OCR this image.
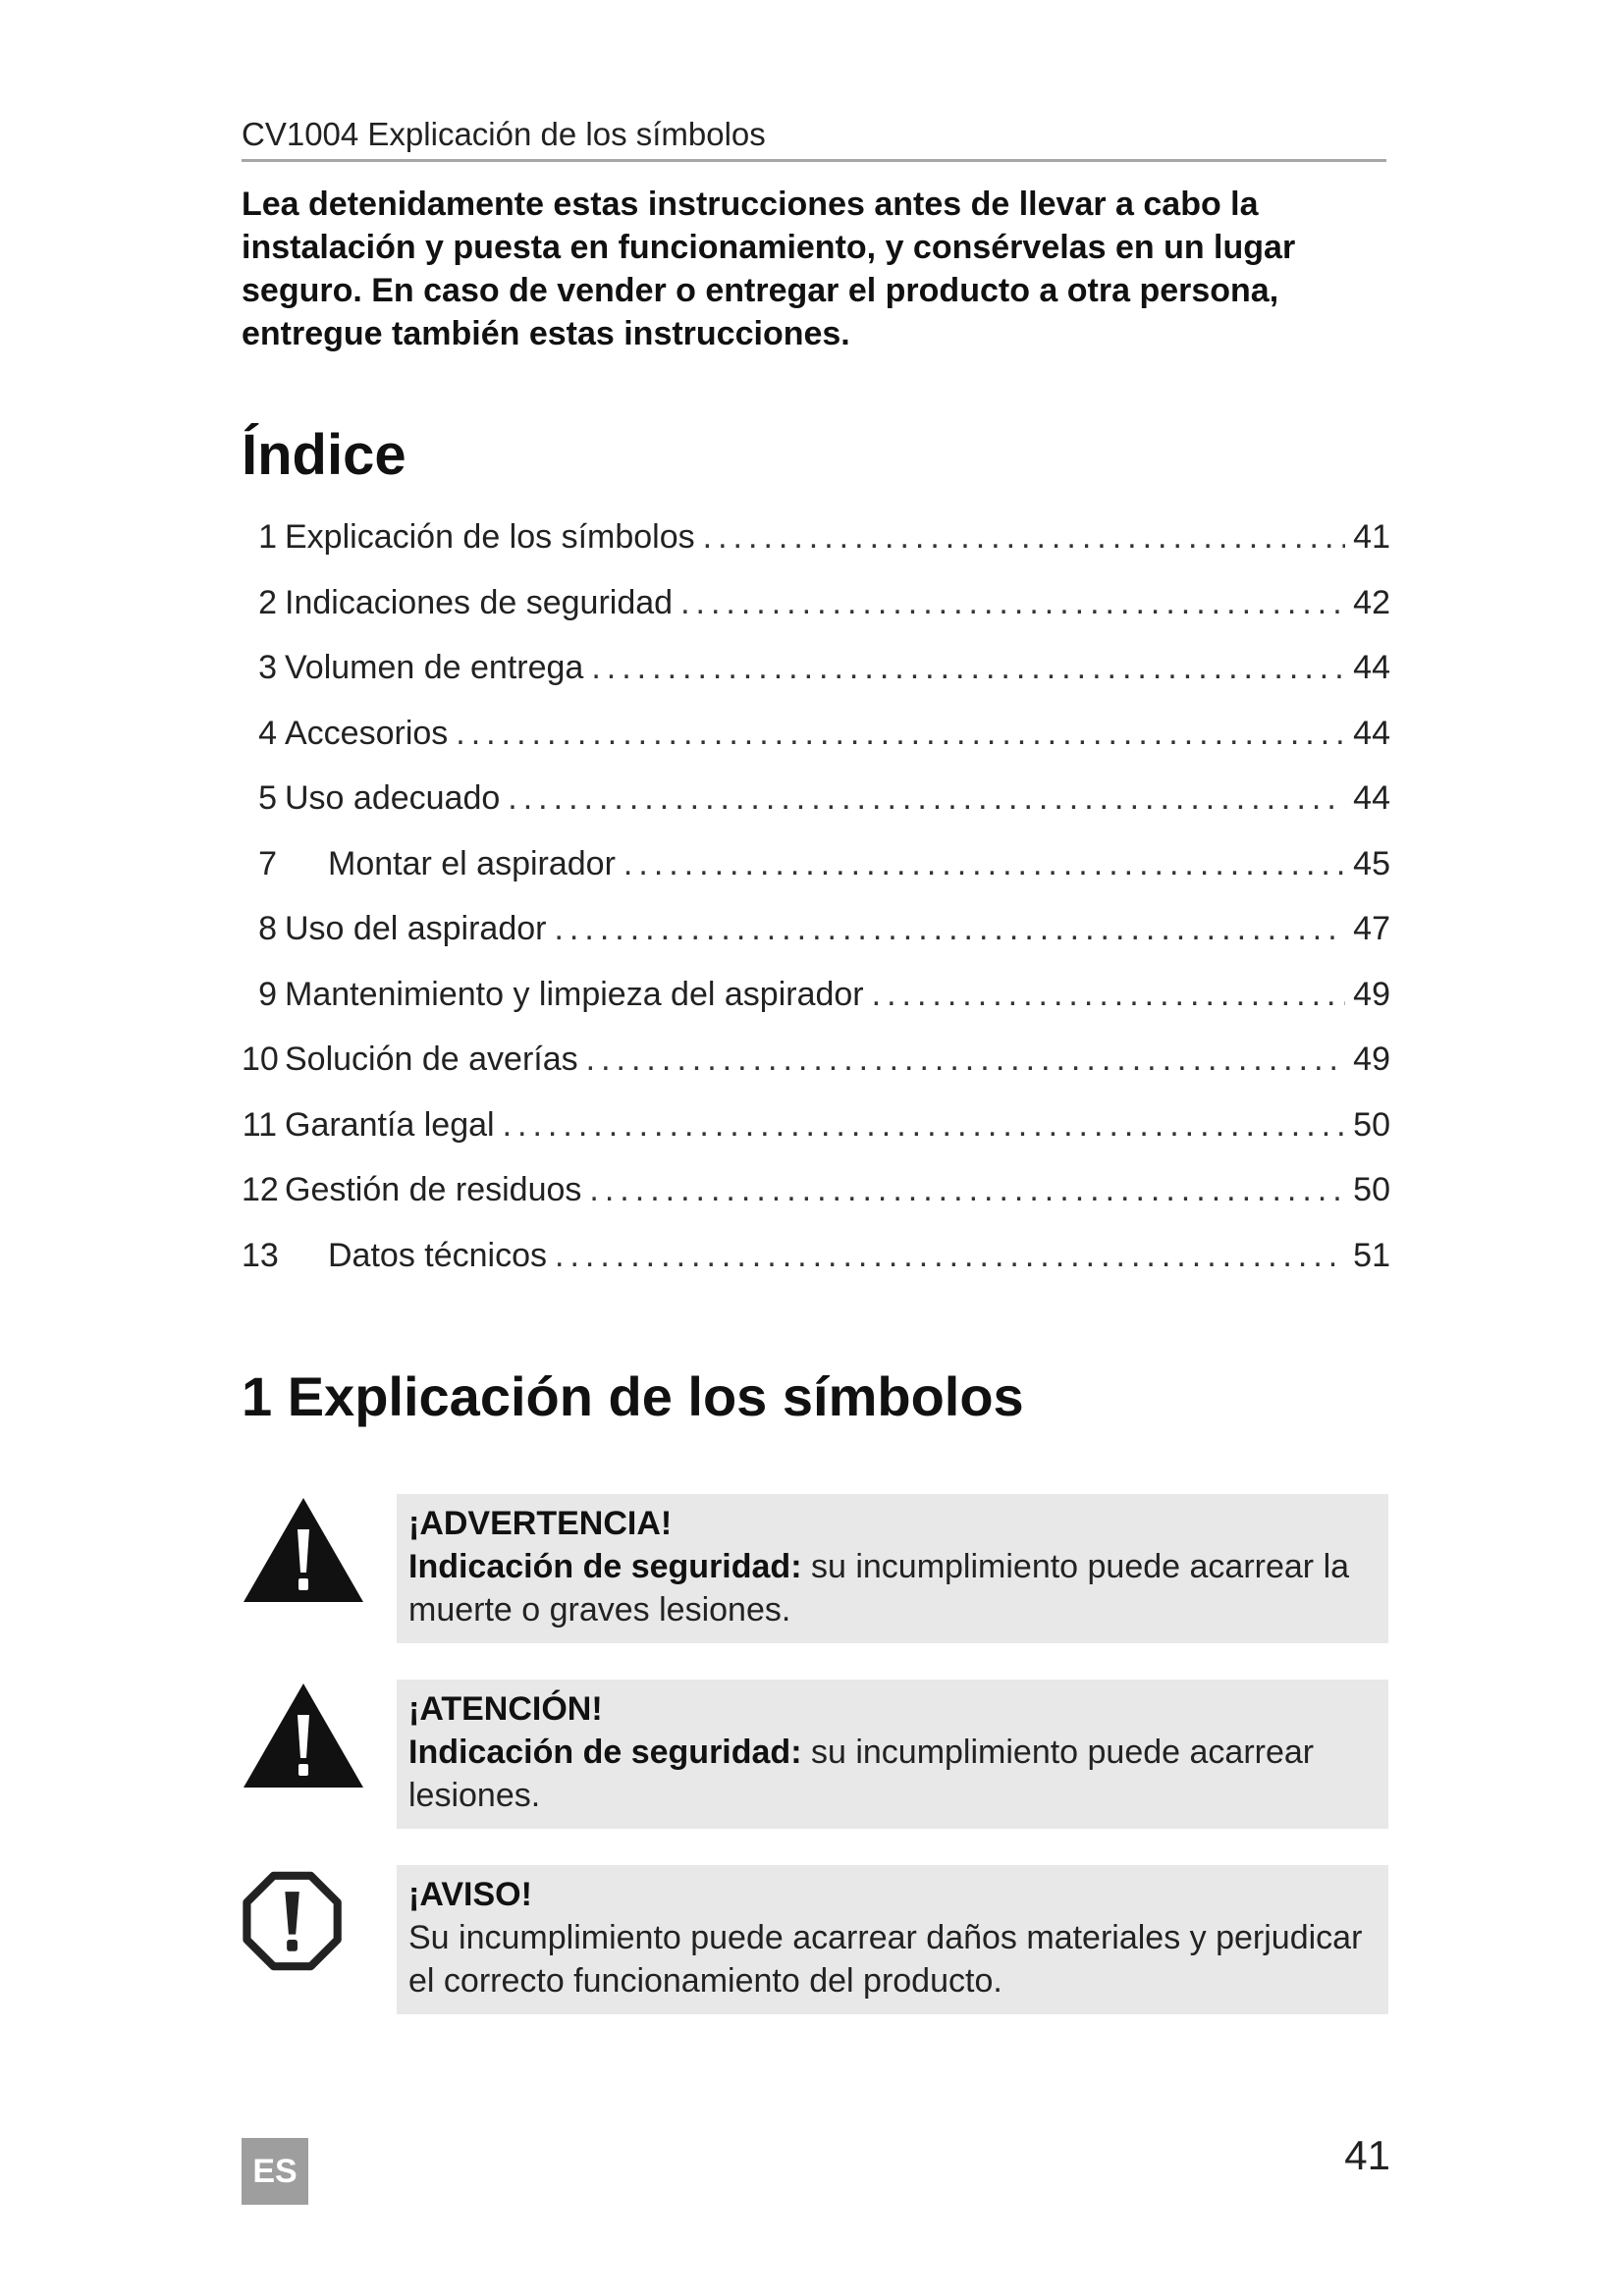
CV1004 Explicación de los símbolos
Lea detenidamente estas instrucciones antes de llevar a cabo la instalación y puesta en funcionamiento, y consérvelas en un lugar seguro. En caso de vender o entregar el producto a otra persona, entregue también estas instrucciones.
Índice
1 Explicación de los símbolos .....	41
2 Indicaciones de seguridad .....	42
3 Volumen de entrega .....	44
4 Accesorios .....	44
5 Uso adecuado .....	44
7 Montar el aspirador .....	45
8 Uso del aspirador .....	47
9 Mantenimiento y limpieza del aspirador .....	49
10 Solución de averías .....	49
11 Garantía legal .....	50
12 Gestión de residuos .....	50
13 Datos técnicos .....	51
1 Explicación de los símbolos
¡ADVERTENCIA!
Indicación de seguridad: su incumplimiento puede acarrear la muerte o graves lesiones.
¡ATENCIÓN!
Indicación de seguridad: su incumplimiento puede acarrear lesiones.
¡AVISO!
Su incumplimiento puede acarrear daños materiales y perjudicar el correcto funcionamiento del producto.
ES	41
